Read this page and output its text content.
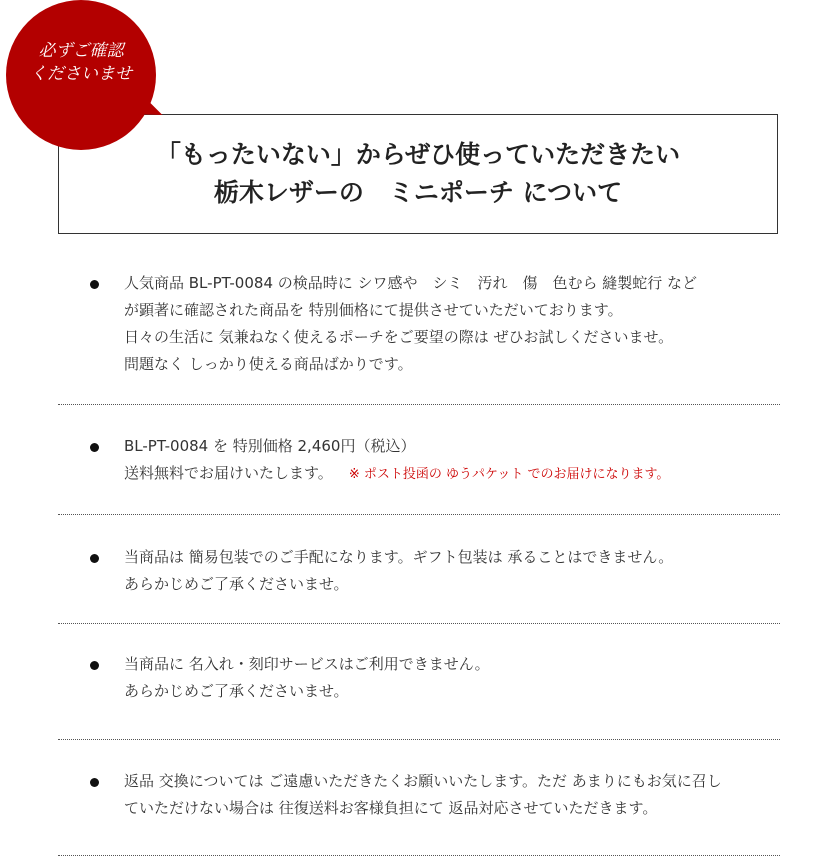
必ずご確認
くださいませ
「もったいない」からぜひ使っていただきたい
栃木レザーの　ミニポーチ について
人気商品 BL-PT-0084 の検品時に シワ感や　シミ　汚れ　傷　色むら 縫製蛇行 など
が顕著に確認された商品を 特別価格にて提供させていただいております。
日々の生活に 気兼ねなく使えるポーチをご要望の際は ぜひお試しくださいませ。
問題なく しっかり使える商品ばかりです。
BL-PT-0084 を 特別価格 2,460円（税込）
送料無料でお届けいたします。 ※ ポスト投函の ゆうパケット でのお届けになります。
当商品は 簡易包装でのご手配になります。ギフト包装は 承ることはできません。
あらかじめご了承くださいませ。
当商品に 名入れ・刻印サービスはご利用できません。
あらかじめご了承くださいませ。
返品 交換については ご遠慮いただきたくお願いいたします。ただ あまりにもお気に召し
ていただけない場合は 往復送料お客様負担にて 返品対応させていただきます。
